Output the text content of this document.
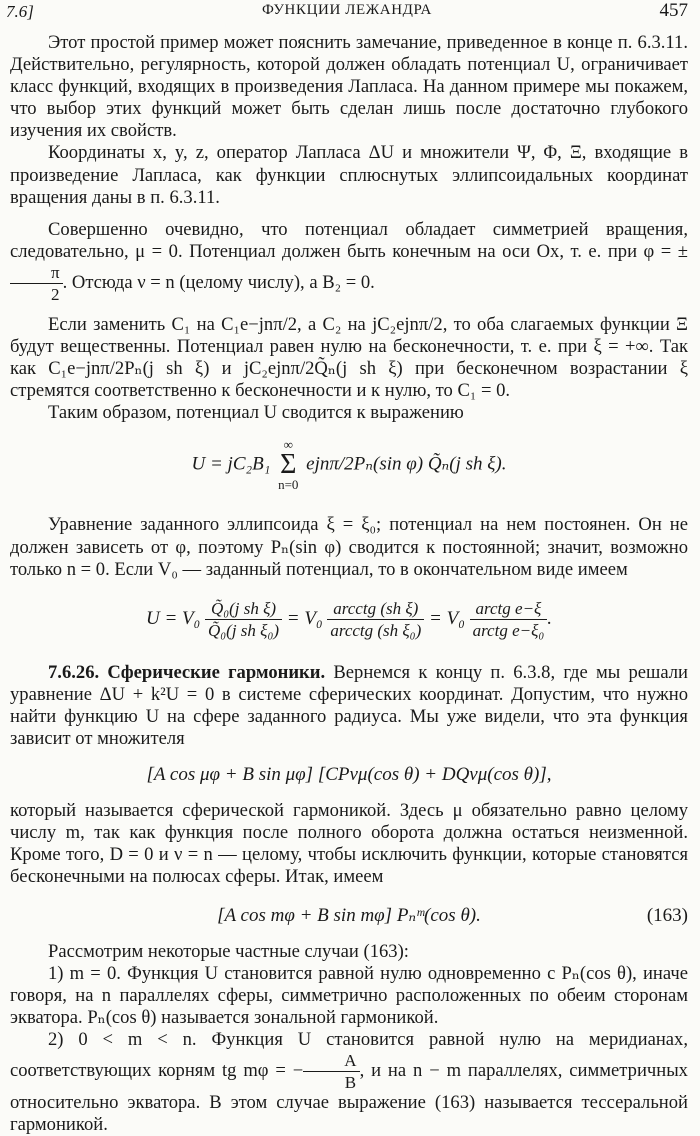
7.6]	ФУНКЦИИ ЛЕЖАНДРА	457

Этот простой пример может пояснить замечание, приведенное в конце п. 6.3.11. Действительно, регулярность, которой должен обладать потенциал U, ограничивает класс функций, входящих в произведения Лапласа. На данном примере мы покажем, что выбор этих функций может быть сделан лишь после достаточно глубокого изучения их свойств.

Координаты x, y, z, оператор Лапласа ΔU и множители Ψ, Φ, Ξ, входящие в произведение Лапласа, как функции сплюснутых эллипсоидальных координат вращения даны в п. 6.3.11.

Совершенно очевидно, что потенциал обладает симметрией вращения, следовательно, μ = 0. Потенциал должен быть конечным на оси Ox, т. е. при φ = ±
$\frac{\pi}{2}$ . Отсюда ν = n (целому числу), а B₂ = 0.

Если заменить C₁ на C₁e−jnπ/2, а C₂ на jC₂ejnπ/2, то оба слагаемых функции Ξ будут вещественны. Потенциал равен нулю на бесконечности, т. е. при ξ = +∞. Так как C₁e−jnπ/2Pₙ(j sh ξ) и jC₂ejnπ/2Q̃ₙ(j sh ξ) при бесконечном возрастании ξ стремятся соответственно к бесконечности и к нулю, то C₁ = 0.

Таким образом, потенциал U сводится к выражению

U = jC₂B₁ ∞
Σ
n=0 ejnπ/2Pₙ(sin φ) Q̃ₙ(j sh ξ).

Уравнение заданного эллипсоида ξ = ξ₀; потенциал на нем постоянен. Он не должен зависеть от φ, поэтому Pₙ(sin φ) сводится к постоянной; значит, возможно только n = 0. Если V₀ — заданный потенциал, то в окончательном виде имеем

$U = V_0 \frac{\text{Q̃₀(j sh ξ)}}{\text{Q̃₀(j sh ξ₀)}} = V_0 \frac{\text{arcctg (sh ξ)}}{\text{arcctg (sh ξ₀)}} = V_0 \frac{\text{arctg e−ξ}}{\text{arctg e−ξ₀}}$ .

7.6.26. Сферические гармоники. Вернемся к концу п. 6.3.8, где мы решали уравнение ΔU + k²U = 0 в системе сферических координат. Допустим, что нужно найти функцию U на сфере заданного радиуса. Мы уже видели, что эта функция зависит от множителя

[A cos μφ + B sin μφ] [CPνμ(cos θ) + DQνμ(cos θ)],

который называется сферической гармоникой. Здесь μ обязательно равно целому числу m, так как функция после полного оборота должна остаться неизменной. Кроме того, D = 0 и ν = n — целому, чтобы исключить функции, которые становятся бесконечными на полюсах сферы. Итак, имеем

[A cos mφ + B sin mφ] Pₙᵐ(cos θ).	(163)

Рассмотрим некоторые частные случаи (163):

1) m = 0. Функция U становится равной нулю одновременно с Pₙ(cos θ), иначе говоря, на n параллелях сферы, симметрично расположенных по обеим сторонам экватора. Pₙ(cos θ) называется зональной гармоникой.

2) 0 < m < n. Функция U становится равной нулю на меридианах, соответствующих корням tg mφ = − $\frac{A}{B}$ , и на n − m параллелях, симметричных относительно экватора. В этом случае выражение (163) называется тессеральной гармоникой.
